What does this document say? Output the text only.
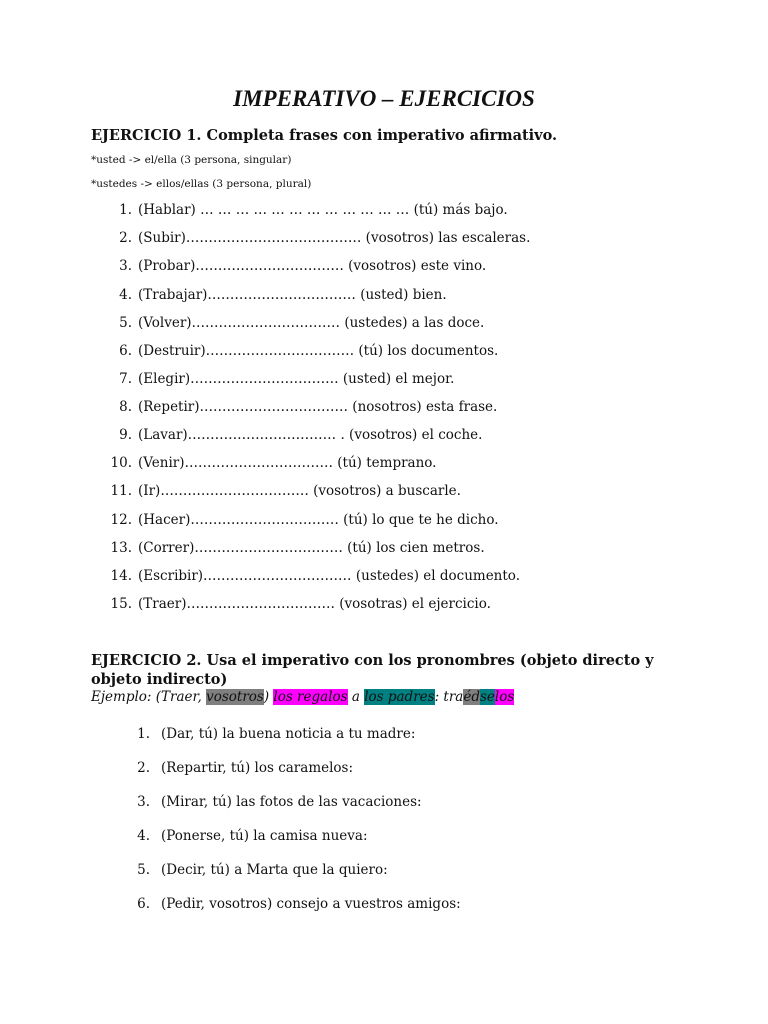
IMPERATIVO – EJERCICIOS
EJERCICIO 1. Completa frases con imperativo afirmativo.
*usted -> el/ella (3 persona, singular)
*ustedes -> ellos/ellas (3 persona, plural)
1. (Hablar) … … … … … … … … … … … … (tú) más bajo.
2. (Subir)………………………………… (vosotros) las escaleras.
3. (Probar)…………………………… (vosotros) este vino.
4. (Trabajar)…………………………… (usted) bien.
5. (Volver)…………………………… (ustedes) a las doce.
6. (Destruir)…………………………… (tú) los documentos.
7. (Elegir)…………………………… (usted) el mejor.
8. (Repetir)…………………………… (nosotros) esta frase.
9. (Lavar)…………………………… . (vosotros) el coche.
10. (Venir)…………………………… (tú) temprano.
11. (Ir)…………………………… (vosotros) a buscarle.
12. (Hacer)…………………………… (tú) lo que te he dicho.
13. (Correr)…………………………… (tú) los cien metros.
14. (Escribir)…………………………… (ustedes) el documento.
15. (Traer)…………………………… (vosotras) el ejercicio.
EJERCICIO 2. Usa el imperativo con los pronombres (objeto directo y objeto indirecto)
Ejemplo: (Traer, vosotros) los regalos a los padres: traédselos
1. (Dar, tú) la buena noticia a tu madre:
2. (Repartir, tú) los caramelos:
3. (Mirar, tú) las fotos de las vacaciones:
4. (Ponerse, tú) la camisa nueva:
5. (Decir, tú) a Marta que la quiero:
6. (Pedir, vosotros) consejo a vuestros amigos:
